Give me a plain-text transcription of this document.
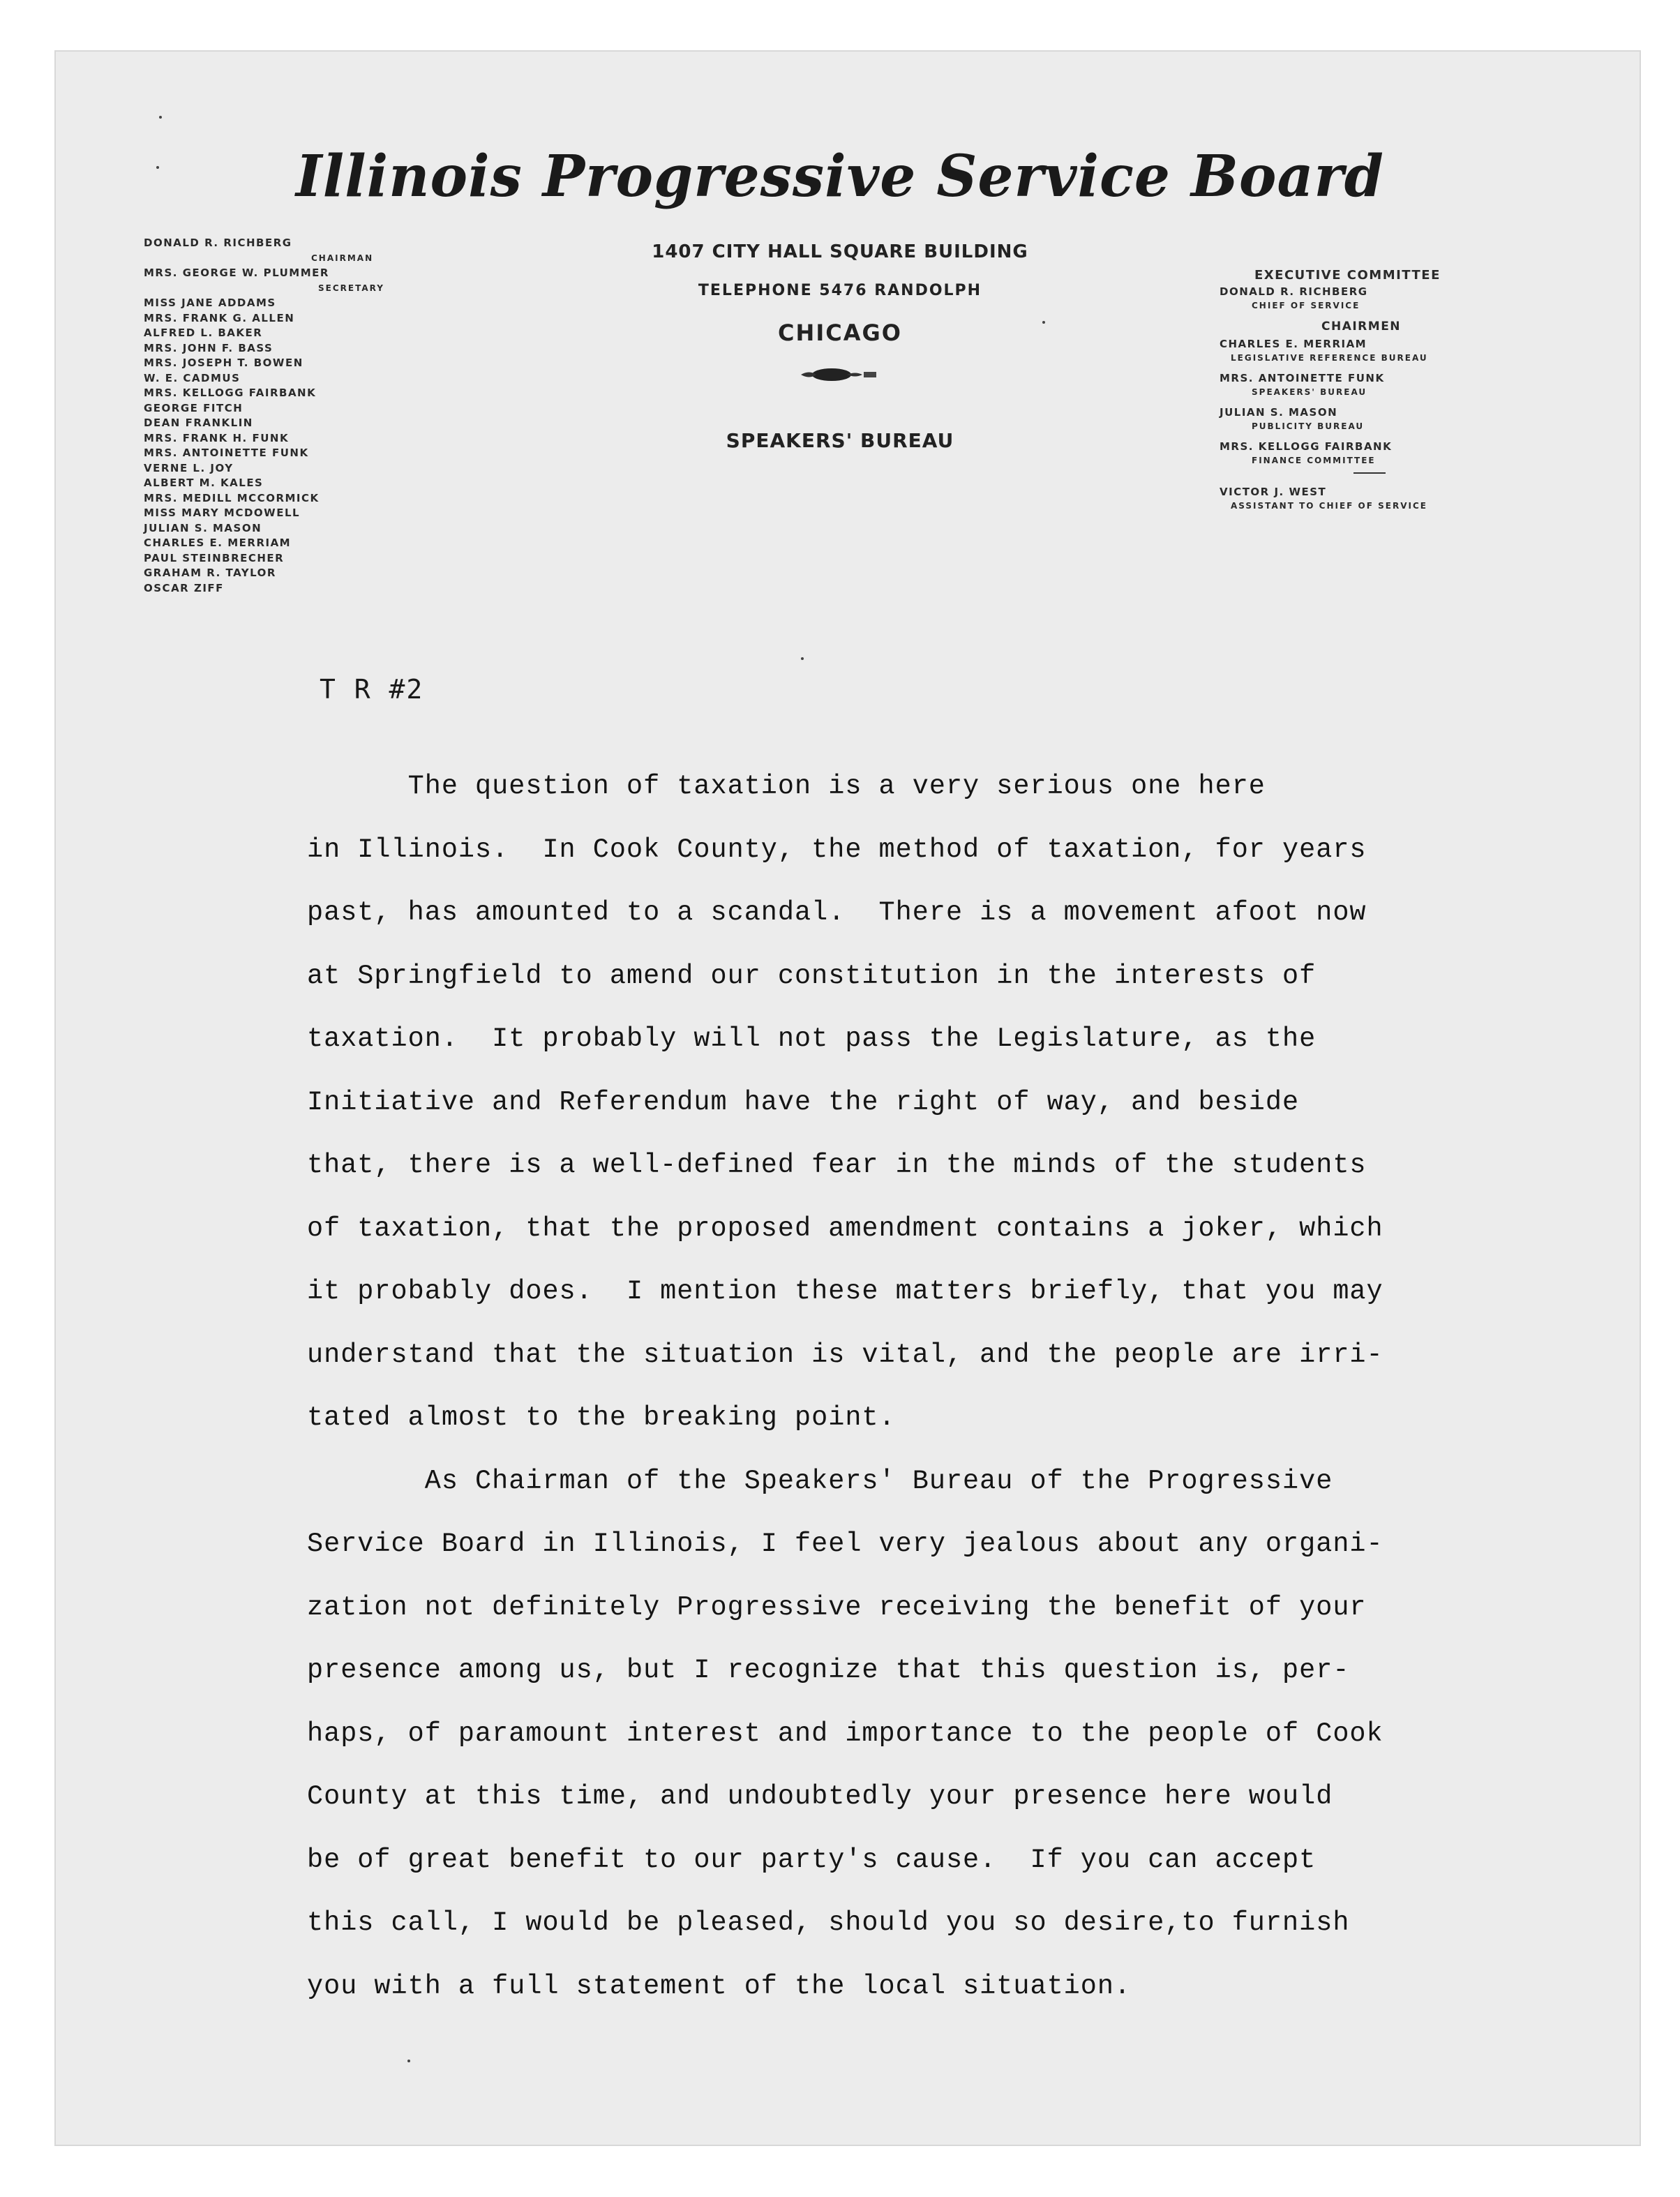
Illinois Progressive Service Board
1407 CITY HALL SQUARE BUILDING
TELEPHONE 5476 RANDOLPH
CHICAGO
SPEAKERS' BUREAU
DONALD R. RICHBERG
CHAIRMAN
MRS. GEORGE W. PLUMMER
SECRETARY
MISS JANE ADDAMS
MRS. FRANK G. ALLEN
ALFRED L. BAKER
MRS. JOHN F. BASS
MRS. JOSEPH T. BOWEN
W. E. CADMUS
MRS. KELLOGG FAIRBANK
GEORGE FITCH
DEAN FRANKLIN
MRS. FRANK H. FUNK
MRS. ANTOINETTE FUNK
VERNE L. JOY
ALBERT M. KALES
MRS. MEDILL MCCORMICK
MISS MARY MCDOWELL
JULIAN S. MASON
CHARLES E. MERRIAM
PAUL STEINBRECHER
GRAHAM R. TAYLOR
OSCAR ZIFF
EXECUTIVE COMMITTEE
DONALD R. RICHBERG
CHIEF OF SERVICE
CHAIRMEN
CHARLES E. MERRIAM
LEGISLATIVE REFERENCE BUREAU
MRS. ANTOINETTE FUNK
SPEAKERS' BUREAU
JULIAN S. MASON
PUBLICITY BUREAU
MRS. KELLOGG FAIRBANK
FINANCE COMMITTEE
VICTOR J. WEST
ASSISTANT TO CHIEF OF SERVICE
T R #2
The question of taxation is a very serious one here
in Illinois.  In Cook County, the method of taxation, for years
past, has amounted to a scandal.  There is a movement afoot now
at Springfield to amend our constitution in the interests of
taxation.  It probably will not pass the Legislature, as the
Initiative and Referendum have the right of way, and beside
that, there is a well-defined fear in the minds of the students
of taxation, that the proposed amendment contains a joker, which
it probably does.  I mention these matters briefly, that you may
understand that the situation is vital, and the people are irri-
tated almost to the breaking point.
As Chairman of the Speakers' Bureau of the Progressive
Service Board in Illinois, I feel very jealous about any organi-
zation not definitely Progressive receiving the benefit of your
presence among us, but I recognize that this question is, per-
haps, of paramount interest and importance to the people of Cook
County at this time, and undoubtedly your presence here would
be of great benefit to our party's cause.  If you can accept
this call, I would be pleased, should you so desire,to furnish
you with a full statement of the local situation.
